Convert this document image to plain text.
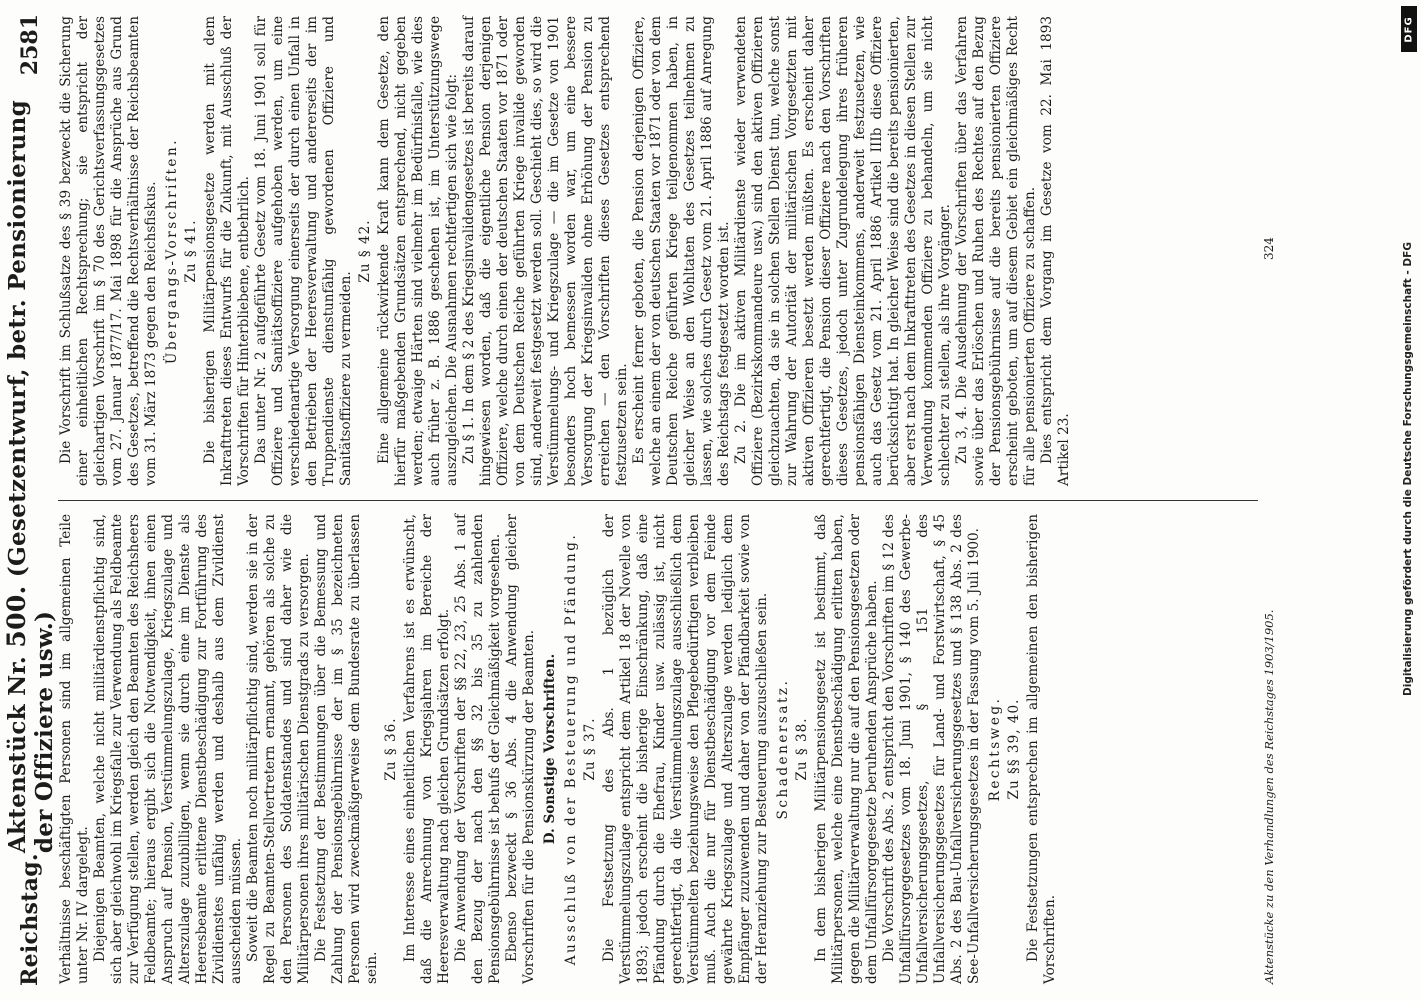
Reichstag.
Aktenstück Nr. 500. (Gesetzentwurf, betr. Pensionierung der Offiziere usw.)
2581

Verhältnisse beschäftigten Personen sind im allgemeinen Teile unter Nr. IV dargelegt. Diejenigen Beamten, welche nicht militärdienstpflichtig sind, sich aber gleichwohl im Kriegsfalle zur Verwendung als Feldbeamte zur Verfügung stellen, werden gleich den Beamten des Reichsheers Feldbeamte; hieraus ergibt sich die Notwendigkeit, ihnen einen Anspruch auf Pension, Verstümmelungszulage, Kriegszulage und Alterszulage zuzubilligen, wenn sie durch eine im Dienste als Heeresbeamte erlittene Dienstbeschädigung zur Fortführung des Zivildienstes unfähig werden und deshalb aus dem Zivildienst ausscheiden müssen. Soweit die Beamten noch militärpflichtig sind, werden sie in der Regel zu Beamten-Stellvertretern ernannt, gehören als solche zu den Personen des Soldatenstandes und sind daher wie die Militärpersonen ihres militärischen Dienstgrads zu versorgen. Die Festsetzung der Bestimmungen über die Bemessung und Zahlung der Pensionsgebührnisse der im § 35 bezeichneten Personen wird zweckmäßigerweise dem Bundesrate zu überlassen sein.

Zu § 36. Im Interesse eines einheitlichen Verfahrens ist es erwünscht, daß die Anrechnung von Kriegsjahren im Bereiche der Heeresverwaltung nach gleichen Grundsätzen erfolgt. Die Anwendung der Vorschriften der §§ 22, 23, 25 Abs. 1 auf den Bezug der nach den §§ 32 bis 35 zu zahlenden Pensionsgebührnisse ist behufs der Gleichmäßigkeit vorgesehen. Ebenso bezweckt § 36 Abs. 4 die Anwendung gleicher Vorschriften für die Pensionskürzung der Beamten. D. Sonstige Vorschriften. Ausschluß von der Besteuerung und Pfändung. Zu § 37. Die Festsetzung des Abs. 1 bezüglich der Verstümmelungszulage entspricht dem Artikel 18 der Novelle von 1893; jedoch erscheint die bisherige Einschränkung, daß eine Pfändung durch die Ehefrau, Kinder usw. zulässig ist, nicht gerechtfertigt, da die Verstümmelungszulage ausschließlich dem Verstümmelten beziehungsweise den Pflegebedürftigen verbleiben muß. Auch die nur für Dienstbeschädigung vor dem Feinde gewährte Kriegszulage und Alterszulage werden lediglich dem Empfänger zuzuwenden und daher von der Pfändbarkeit sowie von der Heranziehung zur Besteuerung auszuschließen sein. Schadenersatz. Zu § 38. In dem bisherigen Militärpensionsgesetz ist bestimmt, daß Militärpersonen, welche eine Dienstbeschädigung erlitten haben, gegen die Militärverwaltung nur die auf den Pensionsgesetzen oder dem Unfallfürsorgegesetze beruhenden Ansprüche haben. Die Vorschrift des Abs. 2 entspricht den Vorschriften im § 12 des Unfallfürsorgegesetzes vom 18. Juni 1901, § 140 des Gewerbe-Unfallversicherungsgesetzes, § 151 des Unfallversicherungsgesetzes für Land- und Forstwirtschaft, § 45 Abs. 2 des Bau-Unfallversicherungsgesetzes und § 138 Abs. 2 des See-Unfallversicherungsgesetzes in der Fassung vom 5. Juli 1900. Rechtsweg. Zu §§ 39, 40. Die Festsetzungen entsprechen im allgemeinen den bisherigen Vorschriften.

Die Vorschrift im Schlußsatze des § 39 bezweckt die Sicherung einer einheitlichen Rechtsprechung; sie entspricht der gleichartigen Vorschrift im § 70 des Gerichtsverfassungsgesetzes vom 27. Januar 1877/17. Mai 1898 für die Ansprüche aus Grund des Gesetzes, betreffend die Rechtsverhältnisse der Reichsbeamten vom 31. März 1873 gegen den Reichsfiskus. Übergangs-Vorschriften. Zu § 41. Die bisherigen Militärpensionsgesetze werden mit dem Inkrafttreten dieses Entwurfs für die Zukunft, mit Ausschluß der Vorschriften für Hinterbliebene, entbehrlich. Das unter Nr. 2 aufgeführte Gesetz vom 18. Juni 1901 soll für Offiziere und Sanitätsoffiziere aufgehoben werden, um eine verschiedenartige Versorgung einerseits der durch einen Unfall in den Betrieben der Heeresverwaltung und andererseits der im Truppendienste dienstunfähig gewordenen Offiziere und Sanitätsoffiziere zu vermeiden.

Zu § 42. Eine allgemeine rückwirkende Kraft kann dem Gesetze, den hierfür maßgebenden Grundsätzen entsprechend, nicht gegeben werden; etwaige Härten sind vielmehr im Bedürfnisfalle, wie dies auch früher z. B. 1886 geschehen ist, im Unterstützungswege auszugleichen. Die Ausnahmen rechtfertigen sich wie folgt: Zu § 1. In dem § 2 des Kriegsinvalidengesetzes ist bereits darauf hingewiesen worden, daß die eigentliche Pension derjenigen Offiziere, welche durch einen der deutschen Staaten vor 1871 oder von dem Deutschen Reiche geführten Kriege invalide geworden sind, anderweit festgesetzt werden soll. Geschieht dies, so wird die Verstümmelungs- und Kriegszulage — die im Gesetze von 1901 besonders hoch bemessen worden war, um eine bessere Versorgung der Kriegsinvaliden ohne Erhöhung der Pension zu erreichen — den Vorschriften dieses Gesetzes entsprechend festzusetzen sein. Es erscheint ferner geboten, die Pension derjenigen Offiziere, welche an einem der von deutschen Staaten vor 1871 oder von dem Deutschen Reiche geführten Kriege teilgenommen haben, in gleicher Weise an den Wohltaten des Gesetzes teilnehmen zu lassen, wie solches durch Gesetz vom 21. April 1886 auf Anregung des Reichstags festgesetzt worden ist. Zu 2. Die im aktiven Militärdienste wieder verwendeten Offiziere (Bezirkskommandeure usw.) sind den aktiven Offizieren gleichzuachten, da sie in solchen Stellen Dienst tun, welche sonst zur Wahrung der Autorität der militärischen Vorgesetzten mit aktiven Offizieren besetzt werden müßten. Es erscheint daher gerechtfertigt, die Pension dieser Offiziere nach den Vorschriften dieses Gesetzes, jedoch unter Zugrundelegung ihres früheren pensionsfähigen Diensteinkommens, anderweit festzusetzen, wie auch das Gesetz vom 21. April 1886 Artikel IIIb diese Offiziere berücksichtigt hat. In gleicher Weise sind die bereits pensionierten, aber erst nach dem Inkrafttreten des Gesetzes in diesen Stellen zur Verwendung kommenden Offiziere zu behandeln, um sie nicht schlechter zu stellen, als ihre Vorgänger. Zu 3, 4. Die Ausdehnung der Vorschriften über das Verfahren sowie über das Erlöschen und Ruhen des Rechtes auf den Bezug der Pensionsgebührnisse auf die bereits pensionierten Offiziere erscheint geboten, um auf diesem Gebiet ein gleichmäßiges Recht für alle pensionierten Offiziere zu schaffen. Dies entspricht dem Vorgang im Gesetze vom 22. Mai 1893 Artikel 23.

Aktenstücke zu den Verhandlungen des Reichstages 1903/1905.
324
DFG
Digitalisierung gefördert durch die Deutsche Forschungsgemeinschaft - DFG
